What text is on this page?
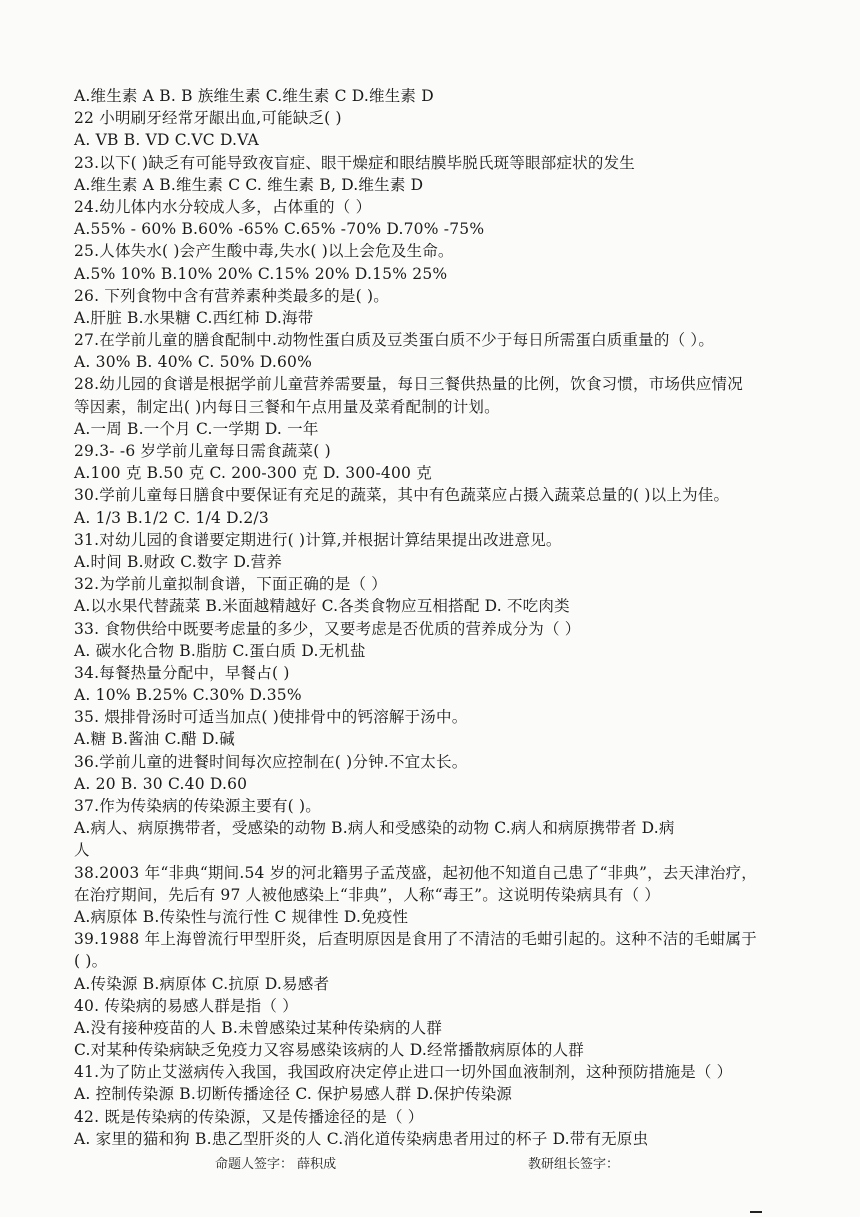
A.维生素 A B. B 族维生素 C.维生素 C D.维生素 D
22 小明刷牙经常牙龈出血,可能缺乏( )
A. VB B. VD C.VC D.VA
23.以下( )缺乏有可能导致夜盲症、眼干燥症和眼结膜毕脱氏斑等眼部症状的发生
A.维生素 A B.维生素 C C. 维生素 B, D.维生素 D
24.幼儿体内水分较成人多，占体重的（ ）
A.55% - 60% B.60% -65% C.65% -70% D.70% -75%
25.人体失水( )会产生酸中毒,失水( )以上会危及生命。
A.5% 10% B.10% 20% C.15% 20% D.15% 25%
26. 下列食物中含有营养素种类最多的是( )。
A.肝脏 B.水果糖 C.西红柿 D.海带
27.在学前儿童的膳食配制中.动物性蛋白质及豆类蛋白质不少于每日所需蛋白质重量的（ ）。
A. 30% B. 40% C. 50% D.60%
28.幼儿园的食谱是根据学前儿童营养需要量，每日三餐供热量的比例，饮食习惯，市场供应情况
等因素，制定出( )内每日三餐和午点用量及菜肴配制的计划。
A.一周 B.一个月 C.一学期 D. 一年
29.3- -6 岁学前儿童每日需食蔬菜( )
A.100 克 B.50 克 C. 200-300 克 D. 300-400 克
30.学前儿童每日膳食中要保证有充足的蔬菜，其中有色蔬菜应占摄入蔬菜总量的( )以上为佳。
A. 1/3 B.1/2 C. 1/4 D.2/3
31.对幼儿园的食谱要定期进行( )计算,并根据计算结果提出改进意见。
A.时间 B.财政 C.数字 D.营养
32.为学前儿童拟制食谱，下面正确的是（ ）
A.以水果代替蔬菜 B.米面越精越好 C.各类食物应互相搭配 D. 不吃肉类
33. 食物供给中既要考虑量的多少，又要考虑是否优质的营养成分为（ ）
A. 碳水化合物 B.脂肪 C.蛋白质 D.无机盐
34.每餐热量分配中，早餐占( )
A. 10% B.25% C.30% D.35%
35. 煨排骨汤时可适当加点( )使排骨中的钙溶解于汤中。
A.糖 B.酱油 C.醋 D.碱
36.学前儿童的进餐时间每次应控制在( )分钟.不宜太长。
A. 20 B. 30 C.40 D.60
37.作为传染病的传染源主要有( )。
A.病人、病原携带者，受感染的动物 B.病人和受感染的动物 C.病人和病原携带者 D.病
人
38.2003 年“非典“期间.54 岁的河北籍男子孟茂盛，起初他不知道自己患了“非典”，去天津治疗，
在治疗期间，先后有 97 人被他感染上“非典”，人称“毒王”。这说明传染病具有（ ）
A.病原体 B.传染性与流行性 C 规律性 D.免疫性
39.1988 年上海曾流行甲型肝炎，后查明原因是食用了不清洁的毛蚶引起的。这种不洁的毛蚶属于
( )。
A.传染源 B.病原体 C.抗原 D.易感者
40. 传染病的易感人群是指（ ）
A.没有接种疫苗的人 B.未曾感染过某种传染病的人群
C.对某种传染病缺乏免疫力又容易感染该病的人 D.经常播散病原体的人群
41.为了防止艾滋病传入我国，我国政府决定停止进口一切外国血液制剂，这种预防措施是（ ）
A. 控制传染源 B.切断传播途径 C. 保护易感人群 D.保护传染源
42. 既是传染病的传染源，又是传播途径的是（ ）
A. 家里的猫和狗 B.患乙型肝炎的人 C.消化道传染病患者用过的杯子 D.带有无原虫
命题人签字： 薛积成	教研组长签字：
